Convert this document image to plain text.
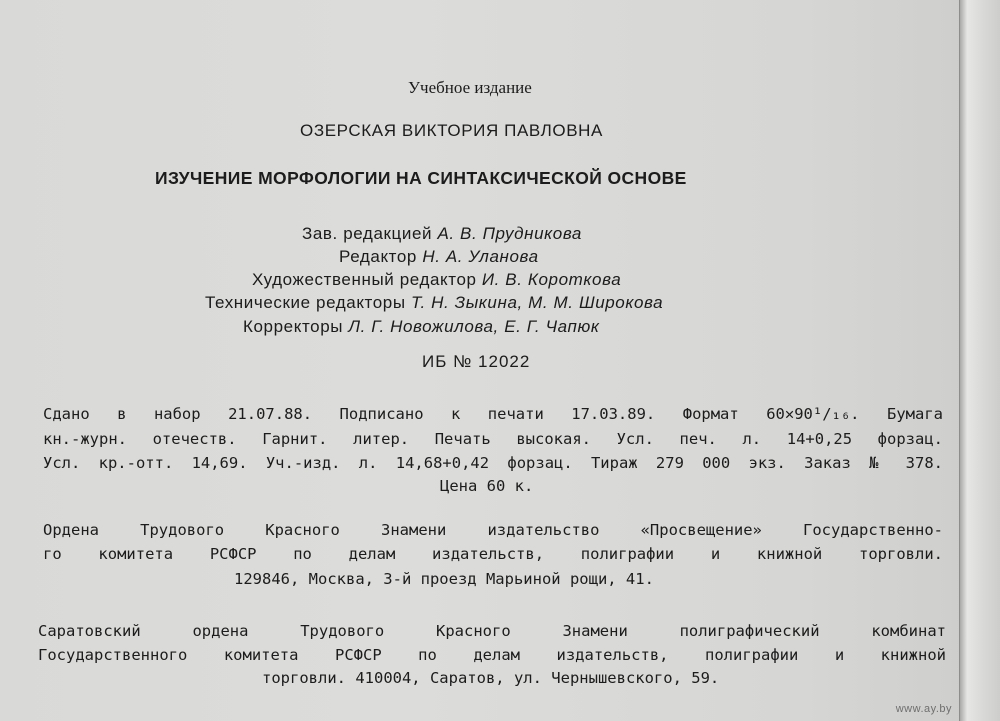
Учебное издание
ОЗЕРСКАЯ ВИКТОРИЯ ПАВЛОВНА
ИЗУЧЕНИЕ МОРФОЛОГИИ НА СИНТАКСИЧЕСКОЙ ОСНОВЕ
Зав. редакцией А. В. Прудникова
Редактор Н. А. Уланова
Художественный редактор И. В. Короткова
Технические редакторы Т. Н. Зыкина, М. М. Широкова
Корректоры Л. Г. Новожилова, Е. Г. Чапюк
ИБ № 12022
Сдано в набор 21.07.88. Подписано к печати 17.03.89. Формат 60✕90¹/₁₆. Бумага
кн.-журн. отечеств. Гарнит. литер. Печать высокая. Усл. печ. л. 14+0,25 форзац.
Усл. кр.-отт. 14,69. Уч.-изд. л. 14,68+0,42 форзац. Тираж 279 000 экз. Заказ № 378.
Цена 60 к.
Ордена Трудового Красного Знамени издательство «Просвещение» Государственно-
го комитета РСФСР по делам издательств, полиграфии и книжной торговли.
129846, Москва, 3-й проезд Марьиной рощи, 41.
Саратовский ордена Трудового Красного Знамени полиграфический комбинат
Государственного комитета РСФСР по делам издательств, полиграфии и книжной
торговли. 410004, Саратов, ул. Чернышевского, 59.
www.ay.by
